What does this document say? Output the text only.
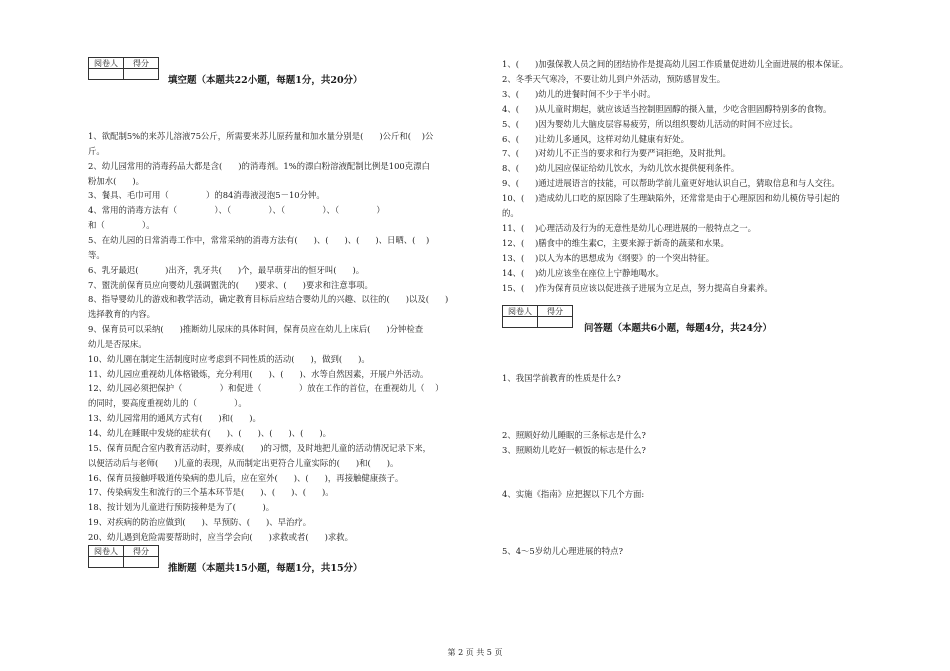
阅卷人	得分

填空题（本题共22小题，每题1分，共20分）
1、欲配制5%的来苏儿溶液75公斤，所需要来苏儿原药量和加水量分别是(      )公斤和(    )公
斤。
2、幼儿园常用的消毒药品大都是含(      )的消毒剂。1%的漂白粉溶液配制比例是100克漂白
粉加水(      )。
3、餐具、毛巾可用（              ）的84消毒液浸泡5－10分钟。
4、常用的消毒方法有（              ）、（              ）、（              ）、（              ）
和（              ）。
5、在幼儿园的日常消毒工作中，常常采纳的消毒方法有(      )、(      )、(      )、日晒、(    )
等。
6、乳牙最迟(          )出齐，乳牙共(      )个，最早萌芽出的恒牙叫(      )。
7、盥洗前保育员应向婴幼儿强调盥洗的(      )要求、(      )要求和注意事项。
8、指导婴幼儿的游戏和教学活动，确定教育目标后应结合婴幼儿的兴趣、以往的(      )以及(      )
选择教育的内容。
9、保育员可以采纳(      )推断幼儿尿床的具体时间，保育员应在幼儿上床后(      )分钟检查
幼儿是否尿床。
10、幼儿園在制定生活制度时应考虑到不同性质的活动(      )，做到(      )。
11、幼儿园应重视幼儿体格锻炼，充分利用(      )、(      )、水等自然因素，开展户外活动。
12、幼儿园必须把保护（              ）和促进（              ）放在工作的首位，在重视幼儿（    ）
的同时，要高度重视幼儿的（              ）。
13、幼儿园常用的通风方式有(      )和(      )。
14、幼儿在睡眠中发烧的症状有(      )、(      )、(      )、(      )。
15、保育员配合室内教育活动时，要养成(      )的习惯，及时地把儿童的活动情况记录下来，
以便活动后与老师(      )儿童的表现，从而制定出更符合儿童实际的(      )和(      )。
16、保育员接触呼吸道传染病的患儿后，应在室外(      )、(      )，再接触健康孩子。
17、传染病发生和流行的三个基本环节是(      )、(      )、(      )。
18、按计划为儿童进行预防接种是为了(          )。
19、对疾病的防治应做到(      )、早预防、(      )、早治疗。
20、幼儿遇到危险需要帮助时，应当学会向(      )求救或者(      )求救。
阅卷人	得分

推断题（本题共15小题，每题1分，共15分）
1、(      )加强保教人员之间的团结协作是提高幼儿园工作质量促进幼儿全面进展的根本保证。
2、冬季天气寒冷，不要让幼儿到户外活动，预防感冒发生。
3、(      )幼儿的进餐时间不少于半小时。
4、(      )从儿童时期起，就应该适当控制胆固醇的摄入量，少吃含胆固醇特别多的食物。
5、(      )因为婴幼儿大脑皮层容易疲劳，所以组织婴幼儿活动的时间不应过长。
6、(      )让幼儿多通风，这样对幼儿健康有好处。
7、(      )对幼儿不正当的要求和行为要严词拒绝，及时批判。
8、(      )幼儿园应保证给幼儿饮水，为幼儿饮水提供便利条件。
9、(      )通过进展语言的技能，可以帮助学前儿童更好地认识自己，猜取信息和与人交往。
10、(    )造成幼儿口吃的原因除了生理缺陷外，还常常是由于心理原因和幼儿模仿导引起的
的。
11、(    )心理活动及行为的无意性是幼儿心理进展的一般特点之一。
12、(    )膳食中的维生素C，主要来源于新奇的蔬菜和水果。
13、(    )以人为本的思想成为《纲要》的一个突出特征。
14、(    )幼儿应该坐在座位上宁静地喝水。
15、(    )作为保育员应该以促进孩子进展为立足点，努力提高自身素养。
阅卷人	得分

问答题（本题共6小题，每题4分，共24分）
1、我国学前教育的性质是什么?
2、照顾好幼儿睡眠的三条标志是什么?
3、照顾幼儿吃好一顿饭的标志是什么?
4、实施《指南》应把握以下几个方面:
5、4～5岁幼儿心理进展的特点?
第 2 页 共 5 页
